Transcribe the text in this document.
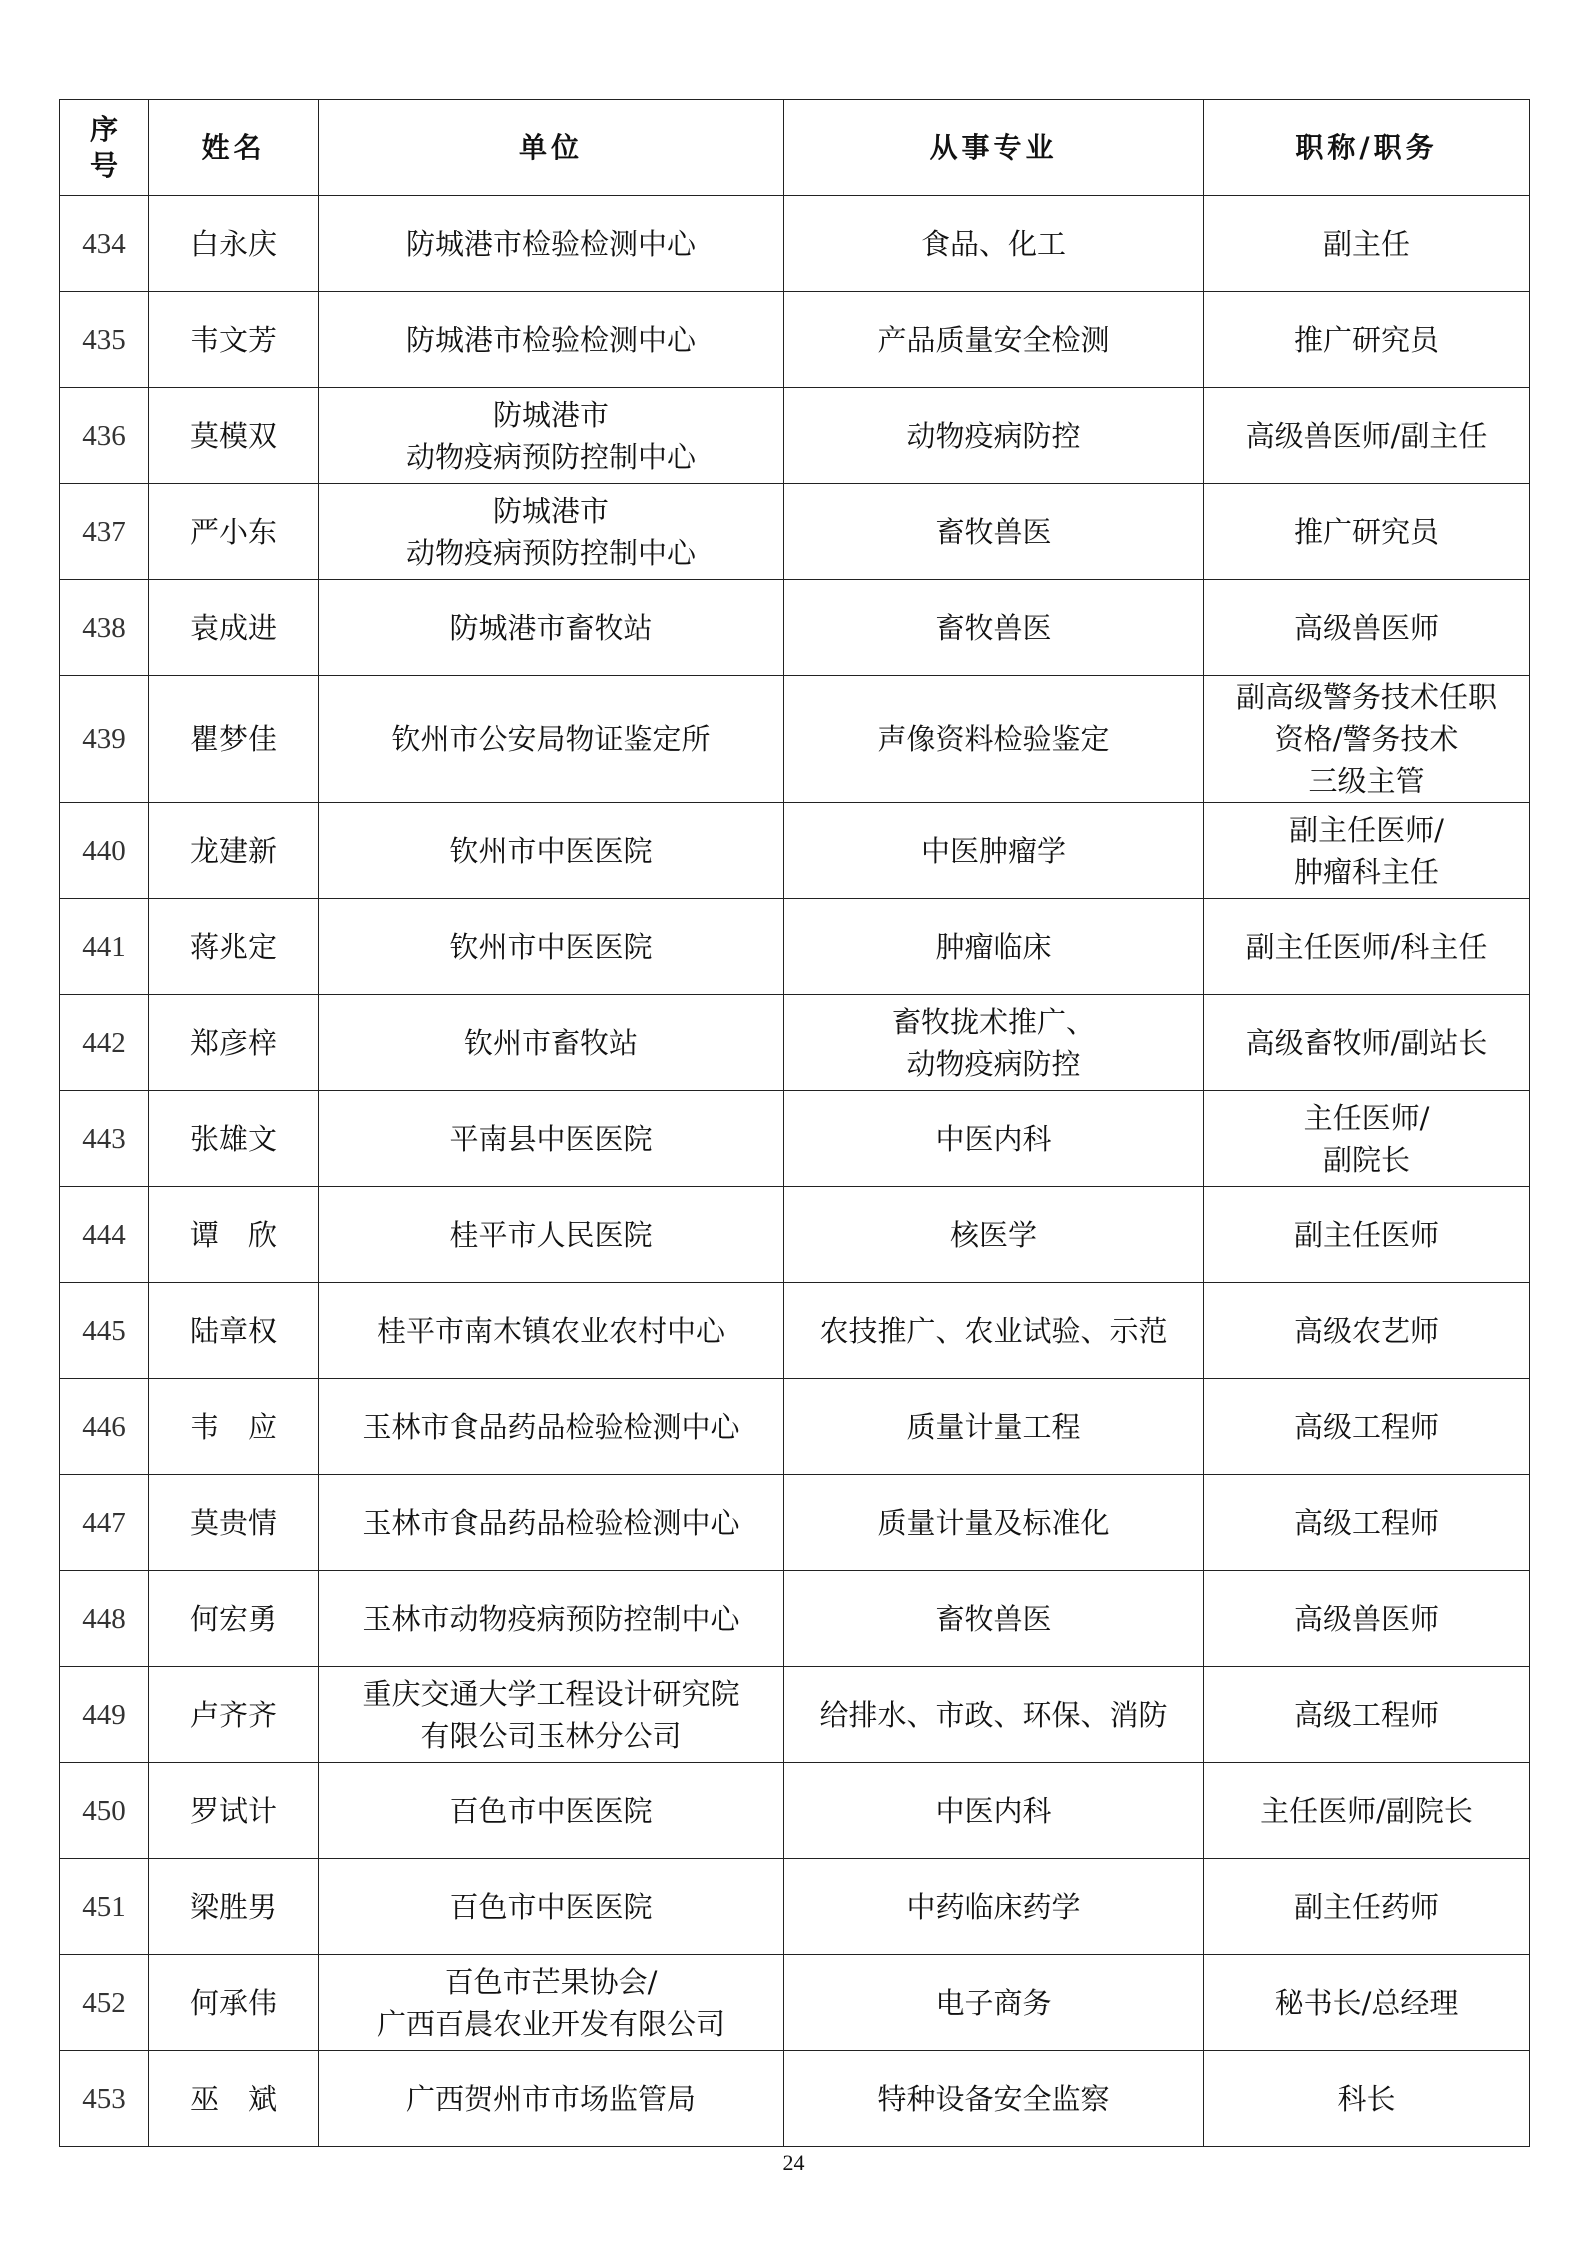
序
号	姓名	单位	从事专业	职称/职务
434	白永庆	防城港市检验检测中心	食品、化工	副主任

435	韦文芳	防城港市检验检测中心	产品质量安全检测	推广研究员

436	莫模双	防城港市
动物疫病预防控制中心	动物疫病防控	高级兽医师/副主任

437	严小东	防城港市
动物疫病预防控制中心	畜牧兽医	推广研究员

438	袁成进	防城港市畜牧站	畜牧兽医	高级兽医师

439	瞿梦佳	钦州市公安局物证鉴定所	声像资料检验鉴定	副高级警务技术任职
资格/警务技术
三级主管

440	龙建新	钦州市中医医院	中医肿瘤学	副主任医师/
肿瘤科主任

441	蒋兆定	钦州市中医医院	肿瘤临床	副主任医师/科主任

442	郑彦梓	钦州市畜牧站	畜牧拢术推广、
动物疫病防控	高级畜牧师/副站长

443	张雄文	平南县中医医院	中医内科	主任医师/
副院长

444	谭　欣	桂平市人民医院	核医学	副主任医师

445	陆章权	桂平市南木镇农业农村中心	农技推广、农业试验、示范	高级农艺师

446	韦　应	玉林市食品药品检验检测中心	质量计量工程	高级工程师

447	莫贵情	玉林市食品药品检验检测中心	质量计量及标准化	高级工程师

448	何宏勇	玉林市动物疫病预防控制中心	畜牧兽医	高级兽医师

449	卢齐齐	重庆交通大学工程设计研究院
有限公司玉林分公司	给排水、市政、环保、消防	高级工程师

450	罗试计	百色市中医医院	中医内科	主任医师/副院长

451	梁胜男	百色市中医医院	中药临床药学	副主任药师

452	何承伟	百色市芒果协会/
广西百晨农业开发有限公司	电子商务	秘书长/总经理

453	巫　斌	广西贺州市市场监管局	特种设备安全监察	科长
24
